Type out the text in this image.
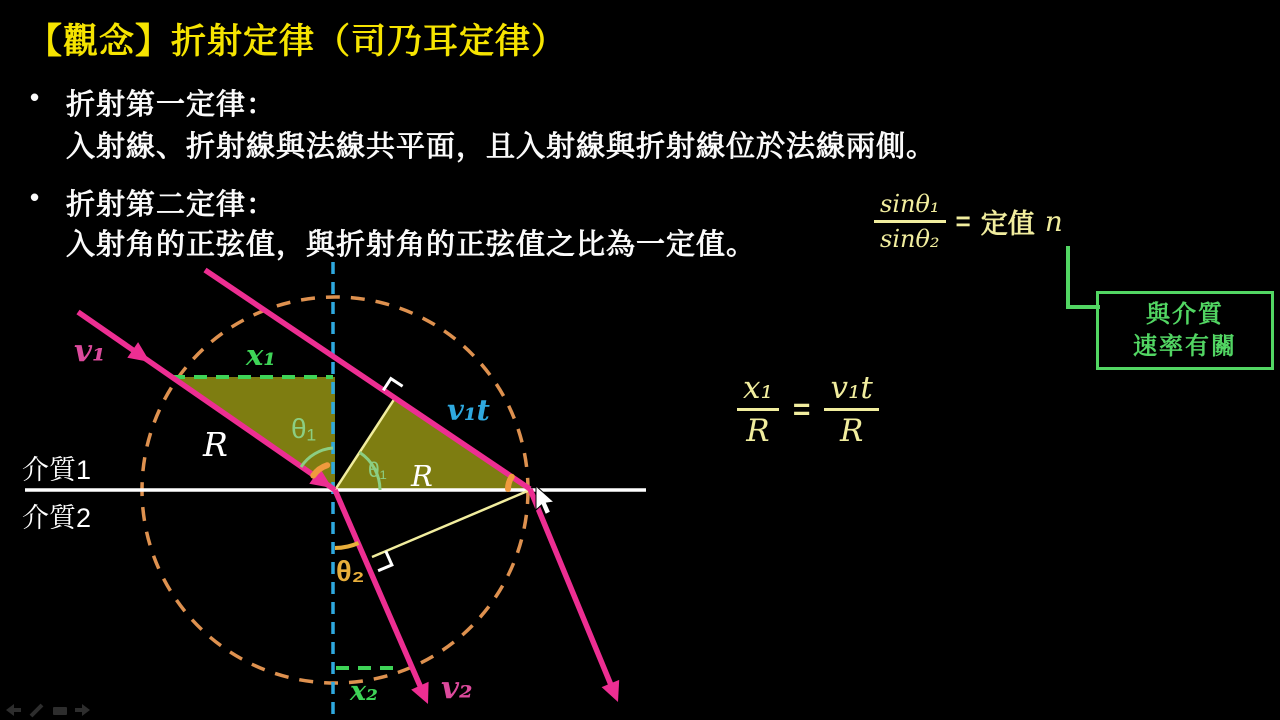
【觀念】折射定律（司乃耳定律）
• 折射第一定律：
入射線、折射線與法線共平面，且入射線與折射線位於法線兩側。
• 折射第二定律：
入射角的正弦值，與折射角的正弦值之比為一定值。	$\frac{\text{sinθ₁}}{\text{sinθ₂}}$ = 定值 n
與介質
速率有關
$\frac{\text{x₁}}{R} = \frac{\text{v₁t}}{R}$
v₁	x₁
R θ₁
θ₁ R
v₁t
θ₂
x₂ v₂
介質1
介質2
